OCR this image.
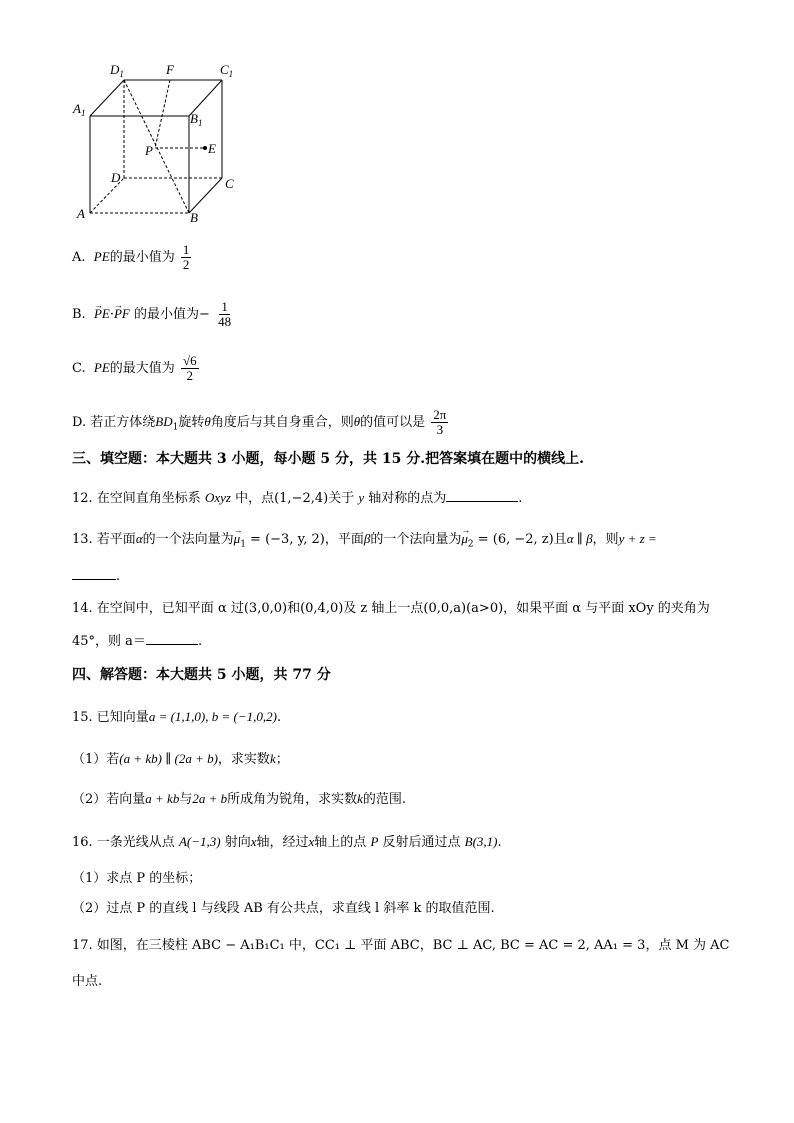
$D_1$	F	$C_1$
$A_1$	$B_1$
P	E
D	C
A	B
A. PE的最小值为 $\frac{1}{2}$
B.  → PE·→ PF 的最小值为− $\frac{1}{48}$
C. PE的最大值为 $\frac{√6}{2}$
D. 若正方体绕$BD_1$旋转θ角度后与其自身重合，则θ的值可以是 $\frac{2\pi}{3}$
三、填空题：本大题共 3 小题，每小题 5 分，共 15 分.把答案填在题中的横线上.
12. 在空间直角坐标系 Oxyz 中，点(1,−2,4)关于 y 轴对称的点为	.
13. 若平面α的一个法向量为→ $\mu_1 = (-3$, y, 2)，平面β的一个法向量为→ $\mu_2 = (6$, −2, z)且α ∥ β，则y + z =
.
14. 在空间中，已知平面 α 过(3,0,0)和(0,4,0)及 z 轴上一点(0,0,a)(a>0)，如果平面 α 与平面 xOy 的夹角为
45°，则 a＝	.
四、解答题：本大题共 5 小题，共 77 分
15. 已知向量a = (1,1,0), b = (−1,0,2).
（1）若(a + kb) ∥ (2a + b)，求实数k；
（2）若向量a + kb与2a + b所成角为锐角，求实数k的范围.
16. 一条光线从点 A(−1,3) 射向x轴，经过x轴上的点 P 反射后通过点 B(3,1).
（1）求点 P 的坐标；
（2）过点 P 的直线 l 与线段 AB 有公共点，求直线 l 斜率 k 的取值范围.
17. 如图，在三棱柱 ABC − A₁B₁C₁ 中，CC₁ ⊥ 平面 ABC，BC ⊥ AC, BC = AC = 2, AA₁ = 3，点 M 为 AC
中点.
